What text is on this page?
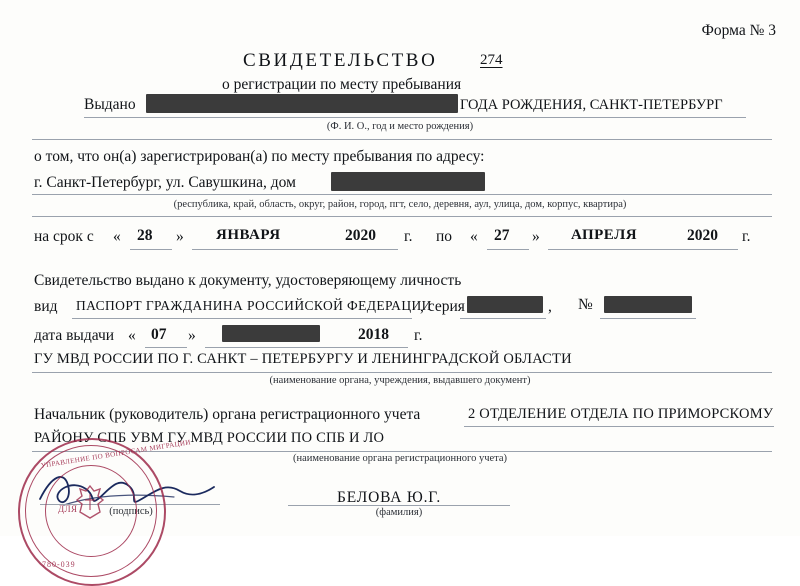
Форма № 3
СВИДЕТЕЛЬСТВО	274
о регистрации по месту пребывания
Выдано	ГОДА РОЖДЕНИЯ, САНКТ-ПЕТЕРБУРГ
(Ф. И. О., год и место рождения)
о том, что он(а) зарегистрирован(а) по месту пребывания по адресу:
г. Санкт-Петербург, ул. Савушкина, дом
(республика, край, область, округ, район, город, пгт, село, деревня, аул, улица, дом, корпус, квартира)
на срок с « 28 » ЯНВАРЯ	2020 г. по « 27 » АПРЕЛЯ	2020 г.
Свидетельство выдано к документу, удостоверяющему личность
вид ПАСПОРТ ГРАЖДАНИНА РОССИЙСКОЙ ФЕДЕРАЦИИ
, серия	, №
дата выдачи « 07 »	2018 г.
ГУ МВД РОССИИ ПО Г. САНКТ – ПЕТЕРБУРГУ И ЛЕНИНГРАДСКОЙ ОБЛАСТИ
(наименование органа, учреждения, выдавшего документ)
Начальник (руководитель) органа регистрационного учета	2 ОТДЕЛЕНИЕ ОТДЕЛА ПО ПРИМОРСКОМУ
РАЙОНУ СПБ УВМ ГУ МВД РОССИИ ПО СПБ И ЛО
(наименование органа регистрационного учета)
(подпись)
БЕЛОВА Ю.Г.
(фамилия)
УПРАВЛЕНИЕ ПО ВОПРОСАМ МИГРАЦИИ
ДЛЯ
780-039
